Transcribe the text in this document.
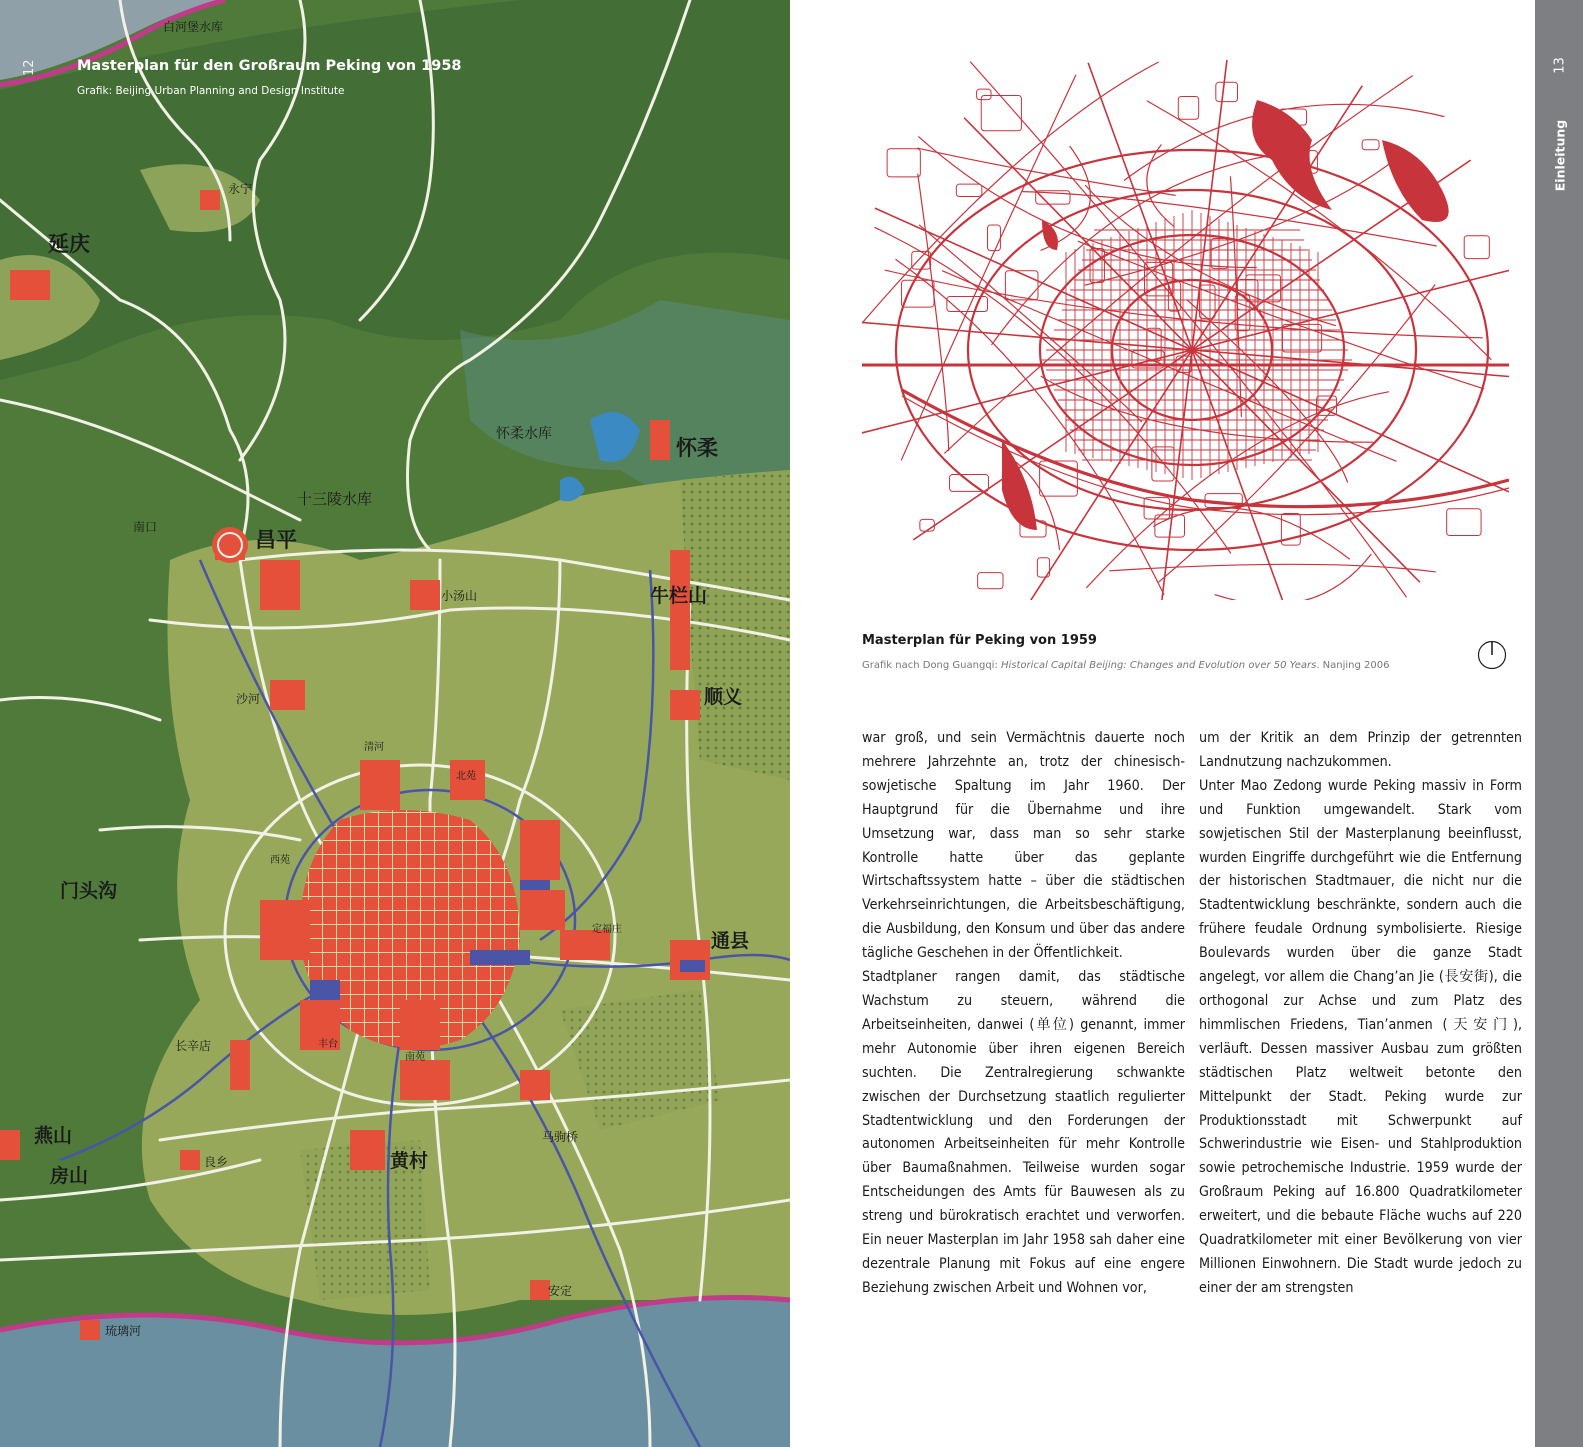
12	Masterplan für den Großraum Peking von 1958
Grafik: Beijing Urban Planning and Design Institute
白河堡水库
永宁
延庆
怀柔水库
怀柔
十三陵水库
南口
昌平
小汤山	牛栏山
沙河	顺义
清河
北苑
西苑
门头沟
通县
定福庄
长辛店	丰台
南苑
燕山
房山
良乡	黄村
马驹桥
安定
琉璃河
13
Einleitung
Masterplan für Peking von 1959
Grafik nach Dong Guangqi: Historical Capital Beijing: Changes and Evolution over 50 Years. Nanjing 2006

war groß, und sein Vermächtnis dauerte noch mehrere Jahrzehnte an, trotz der chinesisch-sowjetische Spaltung im Jahr 1960. Der Hauptgrund für die Übernahme und ihre Umsetzung war, dass man so sehr starke Kontrolle hatte über das geplante Wirtschaftssystem hatte – über die städtischen Verkehrseinrichtungen, die Arbeitsbeschäftigung, die Ausbildung, den Konsum und über das andere tägliche Geschehen in der Öffentlichkeit.

Stadtplaner rangen damit, das städtische Wachstum zu steuern, während die Arbeitseinheiten, danwei (单位) genannt, immer mehr Autonomie über ihren eigenen Bereich suchten. Die Zentralregierung schwankte zwischen der Durchsetzung staatlich regulierter Stadtentwicklung und den Forderungen der autonomen Arbeitseinheiten für mehr Kontrolle über Baumaßnahmen. Teilweise wurden sogar Entscheidungen des Amts für Bauwesen als zu streng und bürokratisch erachtet und verworfen. Ein neuer Masterplan im Jahr 1958 sah daher eine dezentrale Planung mit Fokus auf eine engere Beziehung zwischen Arbeit und Wohnen vor,

um der Kritik an dem Prinzip der getrennten Landnutzung nachzukommen.

Unter Mao Zedong wurde Peking massiv in Form und Funktion umgewandelt. Stark vom sowjetischen Stil der Masterplanung beeinflusst, wurden Eingriffe durchgeführt wie die Entfernung der historischen Stadtmauer, die nicht nur die Stadtentwicklung beschränkte, sondern auch die frühere feudale Ordnung symbolisierte. Riesige Boulevards wurden über die ganze Stadt angelegt, vor allem die Chang’an Jie (長安街), die orthogonal zur Achse und zum Platz des himmlischen Friedens, Tian’anmen (天安门), verläuft. Dessen massiver Ausbau zum größten städtischen Platz weltweit betonte den Mittelpunkt der Stadt. Peking wurde zur Produktionsstadt mit Schwerpunkt auf Schwerindustrie wie Eisen- und Stahlproduktion sowie petrochemische Industrie. 1959 wurde der Großraum Peking auf 16.800 Quadratkilometer erweitert, und die bebaute Fläche wuchs auf 220 Quadratkilometer mit einer Bevölkerung von vier Millionen Einwohnern. Die Stadt wurde jedoch zu einer der am strengsten
